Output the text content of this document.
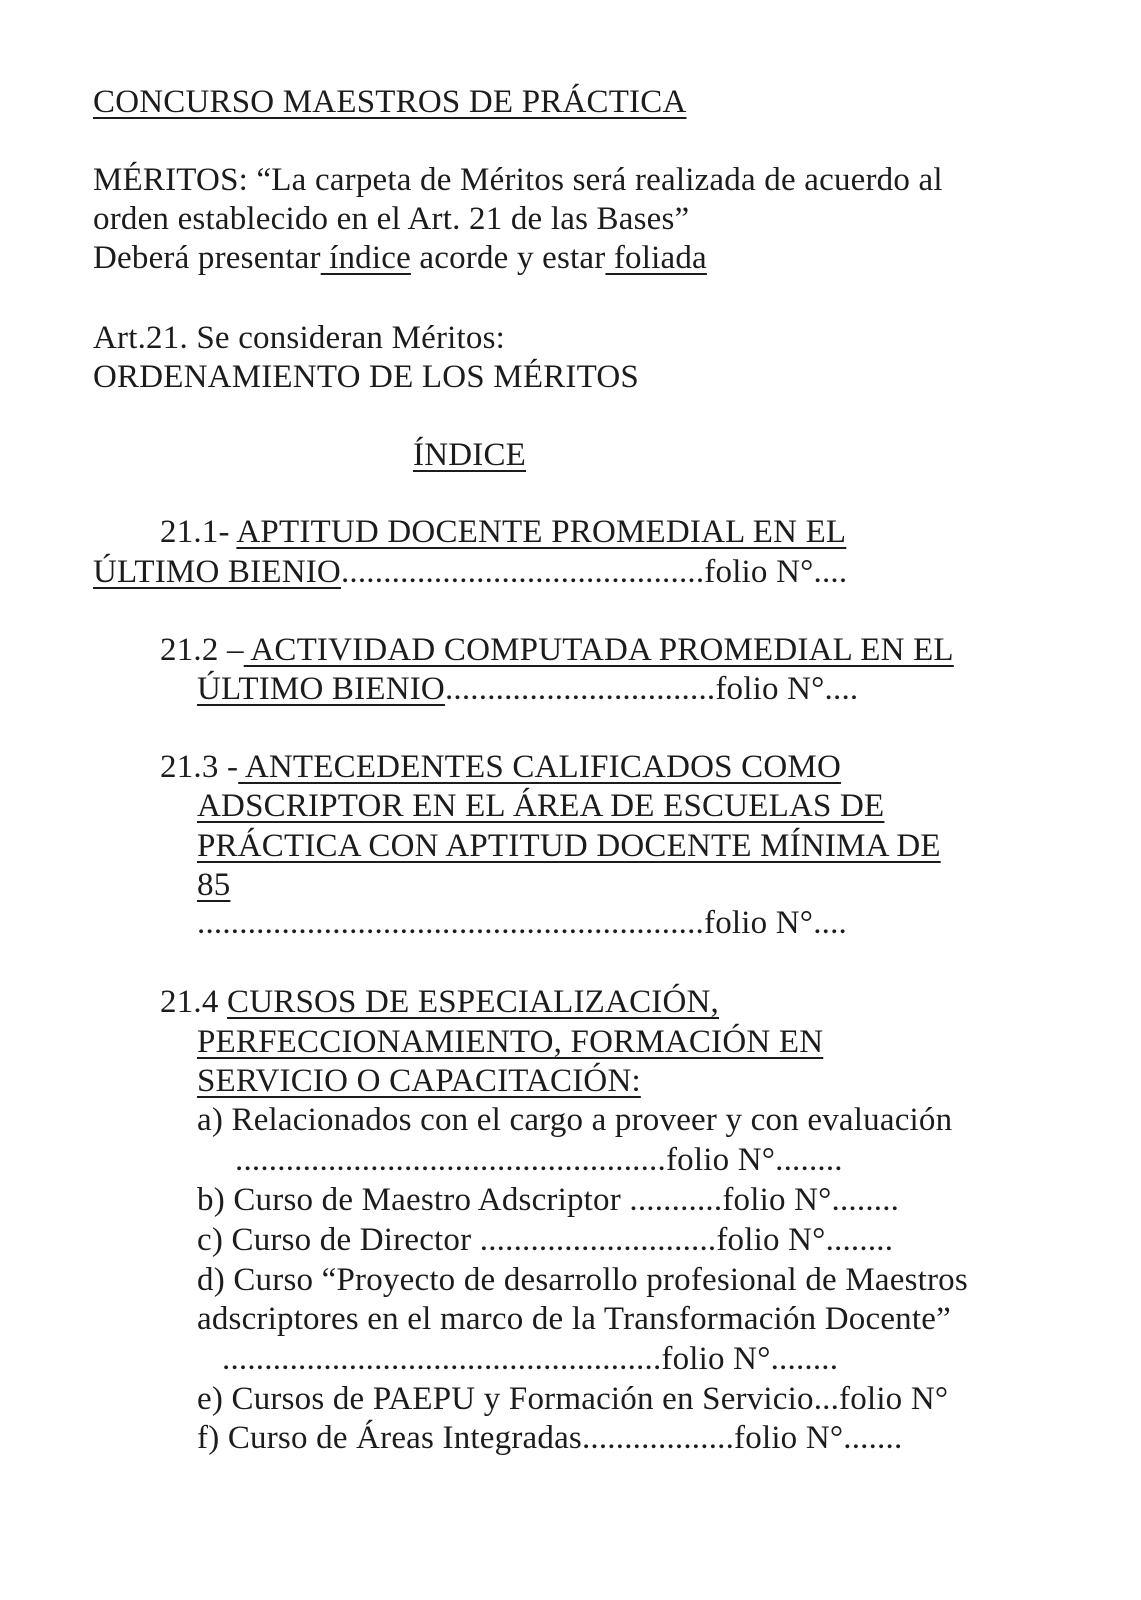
CONCURSO MAESTROS DE PRÁCTICA

MÉRITOS: “La carpeta de Méritos será realizada de acuerdo al

orden establecido en el Art. 21 de las Bases”

Deberá presentar índice acorde y estar foliada

Art.21. Se consideran Méritos:

ORDENAMIENTO DE LOS MÉRITOS

ÍNDICE

21.1- APTITUD DOCENTE PROMEDIAL EN EL

ÚLTIMO BIENIO...........................................folio N°....

21.2 – ACTIVIDAD COMPUTADA PROMEDIAL EN EL

ÚLTIMO BIENIO................................folio N°....

21.3 - ANTECEDENTES CALIFICADOS COMO

ADSCRIPTOR EN EL ÁREA DE ESCUELAS DE

PRÁCTICA CON APTITUD DOCENTE MÍNIMA DE

85

............................................................folio N°....

21.4 CURSOS DE ESPECIALIZACIÓN,

PERFECCIONAMIENTO, FORMACIÓN EN

SERVICIO O CAPACITACIÓN:

a) Relacionados con el cargo a proveer y con evaluación

...................................................folio N°........

b) Curso de Maestro Adscriptor ...........folio N°........

c) Curso de Director ............................folio N°........

d) Curso “Proyecto de desarrollo profesional de Maestros

adscriptores en el marco de la Transformación Docente”

....................................................folio N°........

e) Cursos de PAEPU y Formación en Servicio...folio N°

f) Curso de Áreas Integradas..................folio N°.......
